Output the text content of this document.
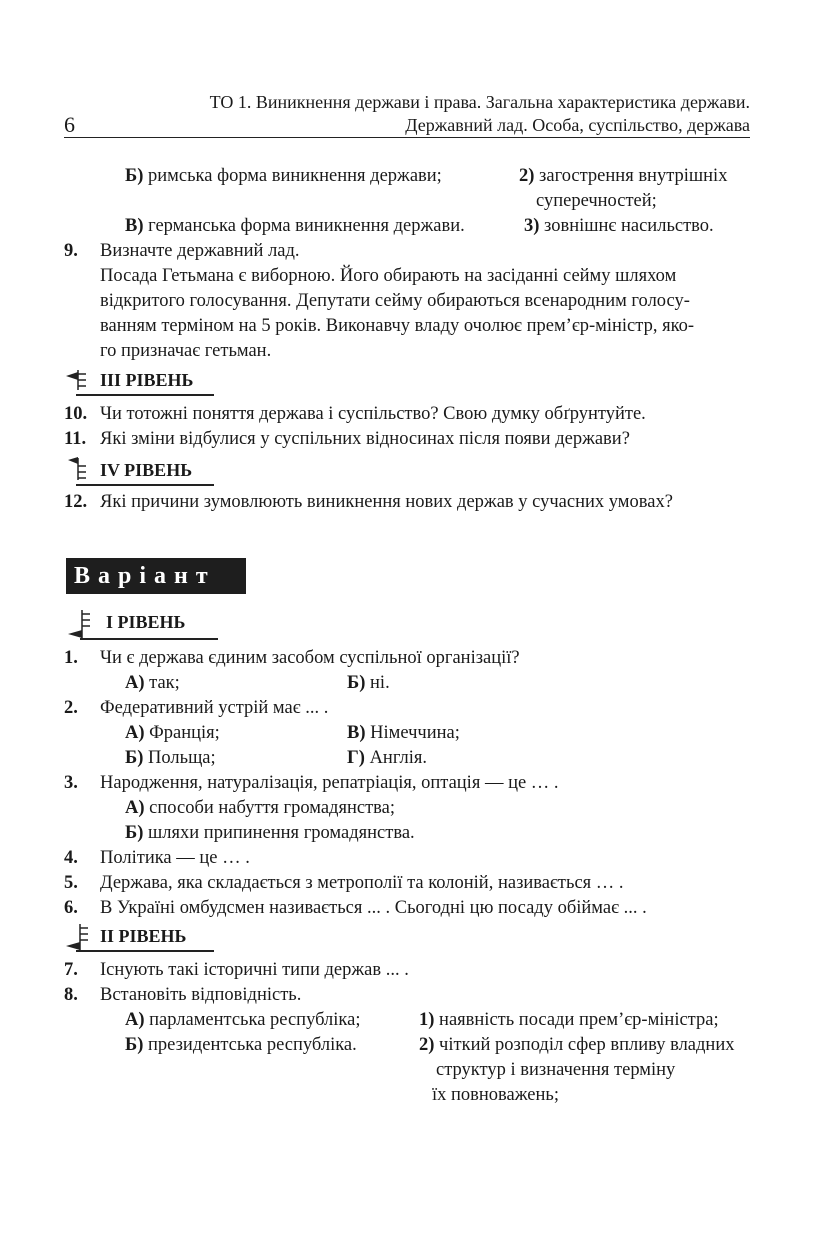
6
ТО 1. Виникнення держави і права. Загальна характеристика держави.
Державний лад. Особа, суспільство, держава
Б) римська форма виникнення держави;	2) загострення внутрішніх
суперечностей;
В) германська форма виникнення держави.	3) зовнішнє насильство.
9. Визначте державний лад.
Посада Гетьмана є виборною. Його обирають на засіданні сейму шляхом
відкритого голосування. Депутати сейму обираються всенародним голосу-
ванням терміном на 5 років. Виконавчу владу очолює прем’єр-міністр, яко-
го призначає гетьман.
ІІІ РІВЕНЬ
10. Чи тотожні поняття держава і суспільство? Свою думку обґрунтуйте.
11. Які зміни відбулися у суспільних відносинах після появи держави?
ІV РІВЕНЬ
12. Які причини зумовлюють виникнення нових держав у сучасних умовах?
Варіант 3 І РІВЕНЬ
1. Чи є держава єдиним засобом суспільної організації?
А) так;	Б) ні.
2. Федеративний устрій має ... .
А) Франція;	В) Німеччина;
Б) Польща;	Г) Англія.
3. Народження, натуралізація, репатріація, оптація — це … .
А) способи набуття громадянства;
Б) шляхи припинення громадянства.
4. Політика — це … .
5. Держава, яка складається з метрополії та колоній, називається … .
6. В Україні омбудсмен називається ... . Сьогодні цю посаду обіймає ... .
ІІ РІВЕНЬ
7. Існують такі історичні типи держав ... .
8. Встановіть відповідність.
А) парламентська республіка;	1) наявність посади прем’єр-міністра;
Б) президентська республіка.	2) чіткий розподіл сфер впливу владних
структур і визначення терміну
їх повноважень;
